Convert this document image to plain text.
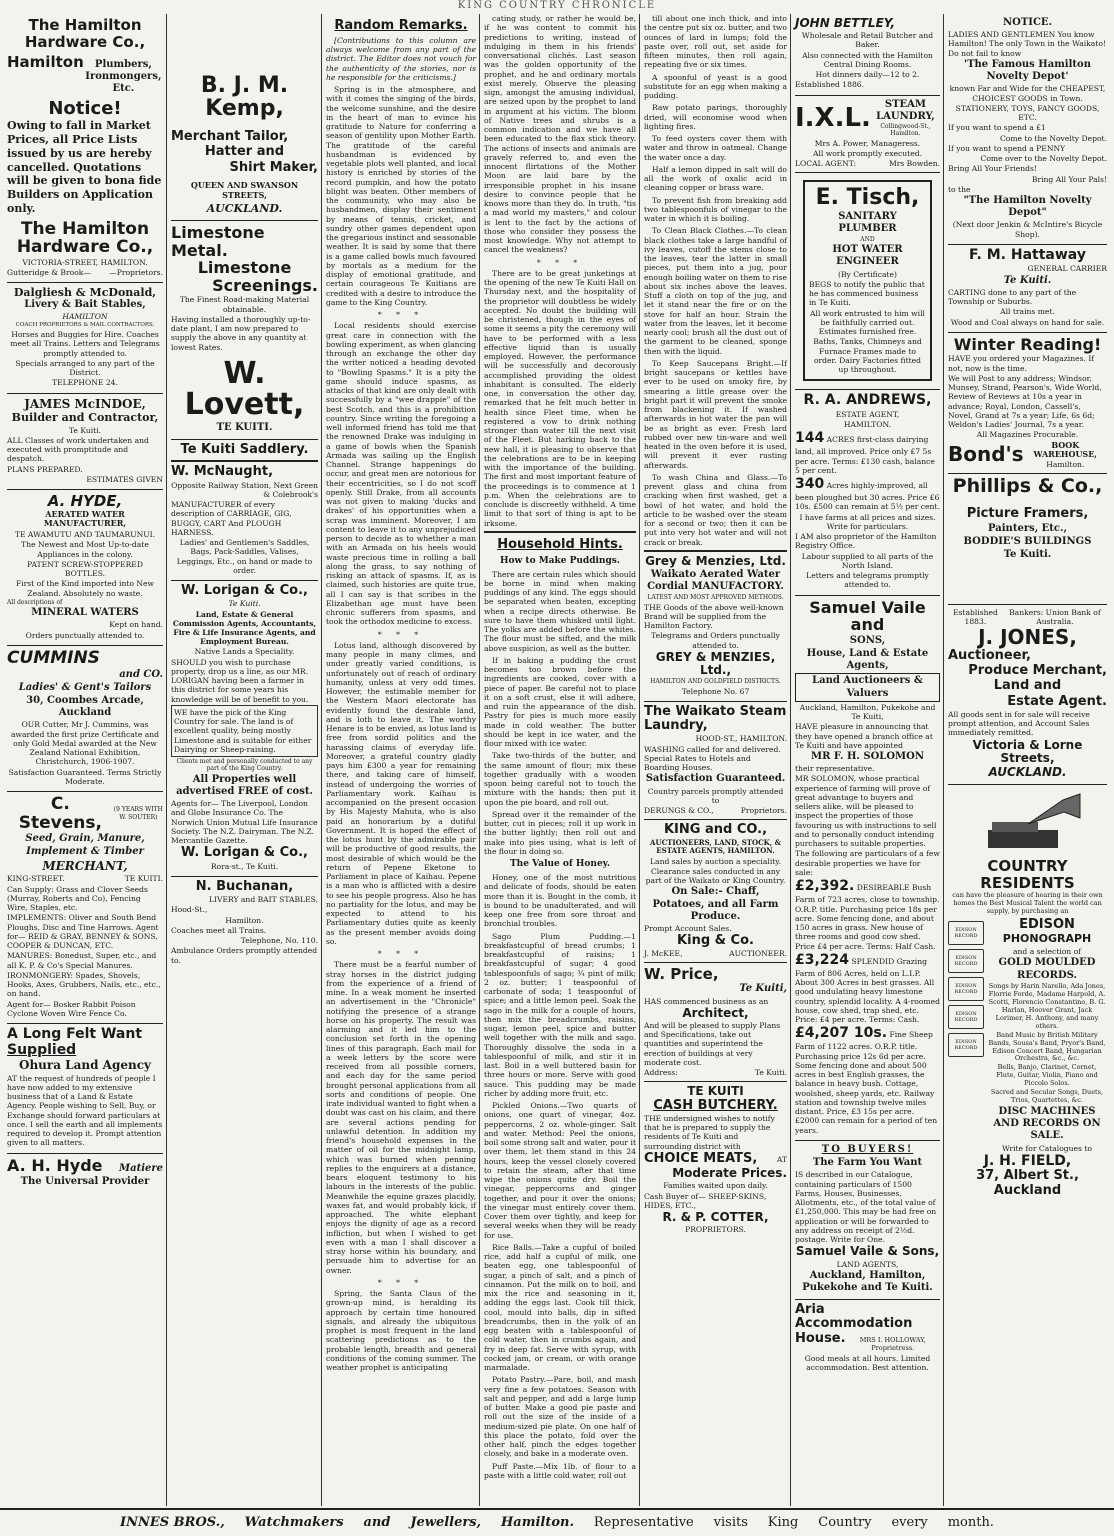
KING COUNTRY CHRONICLE
The Hamilton Hardware Co.,
Hamilton	Plumbers, Ironmongers, Etc.
Notice!

Owing to fall in Market Prices, all Price Lists issued by us are hereby cancelled. Quotations will be given to bona fide Builders on Application only.

The Hamilton Hardware Co.,

VICTORIA-STREET, HAMILTON.

Gutteridge & Brook— —Proprietors.
Dalgliesh & McDonald,
Livery & Bait Stables,

HAMILTON

COACH PROPRIETORS & MAIL CONTRACTORS.

Horses and Buggies for Hire. Coaches meet all Trains. Letters and Telegrams promptly attended to.

Specials arranged to any part of the District.

TELEPHONE 24.

JAMES McINDOE,
Builder and Contractor,

Te Kuiti.

ALL Classes of work undertaken and executed with promptitude and despatch.

PLANS PREPARED.

ESTIMATES GIVEN

A. HYDE,
AERATED WATER MANUFACTURER,

TE AWAMUTU AND TAUMARUNUI.

The Newest and Most Up-to-date Appliances in the colony.

PATENT SCREW-STOPPERED BOTTLES.

First of the Kind imported into New Zealand. Absolutely no waste.

All descriptions of

MINERAL WATERS

Kept on hand.

Orders punctually attended to.

CUMMINS

and CO.

Ladies' & Gent's Tailors

30, Coombes Arcade, Auckland

OUR Cutter, Mr J. Cummins, was awarded the first prize Certificate and only Gold Medal awarded at the New Zealand National Exhibition, Christchurch, 1906-1907.

Satisfaction Guaranteed. Terms Strictly Moderate.

C. Stevens,
(9 YEARS WITH W. SOUTER)

Seed, Grain, Manure, Implement & Timber

MERCHANT,

KING-STREET.	TE KUITI.

Can Supply: Grass and Clover Seeds (Murray, Roberts and Co), Fencing Wire, Staples, etc.

IMPLEMENTS: Oliver and South Bend Ploughs, Disc and Tine Harrows. Agent for— REID & GRAY, BENNEY & SONS, COOPER & DUNCAN, ETC.

MANURES: Bonedust, Super, etc., and all K. P. & Co's Special Manures.

IRONMONGERY: Spades, Shovels, Hooks, Axes, Grubbers, Nails, etc., etc., on hand.

Agent for— Bosker Rabbit Poison Cyclone Woven Wire Fence Co.

A Long Felt Want
Supplied
Ohura Land Agency

AT the request of hundreds of people I have now added to my extensive business that of a Land & Estate Agency. People wishing to Sell, Buy, or Exchange should forward particulars at once. I sell the earth and all implements required to develop it. Prompt attention given to all matters.

A. H. Hyde Matiere

The Universal Provider

B. J. M. Kemp,

Merchant Tailor,

Hatter and

Shirt Maker,

QUEEN AND SWANSON STREETS,

AUCKLAND.

Limestone Metal.
Limestone
Screenings.

The Finest Road-making Material obtainable.

Having installed a thoroughly up-to-date plant, I am now prepared to supply the above in any quantity at lowest Rates.

W. Lovett,

TE KUITI.

Te Kuiti Saddlery.
W. McNaught,

Opposite Railway Station, Next Green & Colebrook's

MANUFACTURER of every description of CARRIAGE, GIG, BUGGY, CART And PLOUGH HARNESS.

Ladies' and Gentlemen's Saddles, Bags, Pack-Saddles, Valises, Leggings, Etc., on hand or made to order.

W. Lorigan & Co.,

Te Kuiti.

Land, Estate & General Commission Agents, Accountants, Fire & Life Insurance Agents, and Employment Bureau.

Native Lands a Speciality.

SHOULD you wish to purchase property, drop us a line, as our MR. LORIGAN having been a farmer in this district for some years his knowledge will be of benefit to you.

WE have the pick of the King Country for sale. The land is of excellent quality, being mostly Limestone and is suitable for either Dairying or Sheep-raising.

Clients met and personally conducted to any part of the King Country.

All Properties well advertised FREE of cost.

Agents for— The Liverpool, London and Globe Insurance Co. The Norwich Union Mutual Life Insurance Society. The N.Z. Dairyman. The N.Z. Mercantile Gazette.

W. Lorigan & Co.,

Rora-st., Te Kuiti.

N. Buchanan,

LIVERY and BAIT STABLES,

Hood-St.,

Hamilton.

Coaches meet all Trains.

Telephone, No. 110.

Ambulance Orders promptly attended to.

Random Remarks.

[Contributions to this column are always welcome from any part of the district. The Editor does not vouch for the authenticity of the stories, nor is he responsible for the criticisms.]

Spring is in the atmosphere, and with it comes the singing of the birds, the welcome sunshine, and the desire in the heart of man to evince his gratitude to Nature for conferring a season of gentility upon Mother Earth. The gratitude of the careful husbandman is evidenced by vegetable plots well planted, and local history is enriched by stories of the record pumpkin, and how the potato blight was beaten. Other members of the community, who may also be husbandmen, display their sentiment by means of tennis, cricket, and sundry other games dependent upon the gregarious instinct and seasonable weather. It is said by some that there is a game called bowls much favoured by mortals as a medium for the display of emotional gratitude, and certain courageous Te Kuitians are credited with a desire to introduce the game to the King Country.

* * *

Local residents should exercise great care in connection with the bowling experiment, as when glancing through an exchange the other day the writer noticed a heading devoted to "Bowling Spasms." It is a pity the game should induce spasms, as attacks of that kind are only dealt with successfully by a "wee drappie" of the best Scotch, and this is a prohibition country. Since writing the foregoing a well informed friend has told me that the renowned Drake was indulging in a game of bowls when the Spanish Armada was sailing up the English Channel. Strange happenings do occur, and great men are notorious for their eccentricities, so I do not scoff openly. Still Drake, from all accounts was not given to making 'ducks and drakes' of his opportunities when a scrap was imminent. Moreover, I am content to leave it to any unprejudiced person to decide as to whether a man with an Armada on his heels would waste precious time in rolling a ball along the grass, to say nothing of risking an attack of spasms. If, as is claimed, such histories are quite true, all I can say is that scribes in the Elizabethan age must have been chronic sufferers from spasms, and took the orthodox medicine to excess.

* * *

Lotus land, although discovered by many people in many climes, and under greatly varied conditions, is unfortunately out of reach of ordinary humanity, unless at very odd times. However, the estimable member for the Western Maori electorate has evidently found the desirable land, and is loth to leave it. The worthy Henare is to be envied, as lotus land is free from sordid politics and the harassing claims of everyday life. Moreover, a grateful country gladly pays him £300 a year for remaining there, and taking care of himself, instead of undergoing the worries of Parliamentary work. Kaihau is accompanied on the present occasion by His Majesty Mahuta, who is also paid an honorarium by a dutiful Government. It is hoped the effect of the lotus hunt by the admirable pair will be productive of good results, the most desirable of which would be the return of Pepene Eketone to Parliament in place of Kaihau. Pepene is a man who is afflicted with a desire to see his people progress. Also he has no partiality for the lotus, and may be expected to attend to his Parliamentary duties quite as keenly as the present member avoids doing so.

* * *

There must be a fearful number of stray horses in the district judging from the experience of a friend of mine. In a weak moment he inserted an advertisement in the "Chronicle" notifying the presence of a strange horse on his property. The result was alarming and it led him to the conclusion set forth in the opening lines of this paragraph. Each mail for a week letters by the score were received from all possible corners, and each day for the same period brought personal applications from all sorts and conditions of people. One irate individual wanted to fight when a doubt was cast on his claim, and there are several actions pending for unlawful detention. In addition my friend's household expenses in the matter of oil for the midnight lamp, which was burned when penning replies to the enquirers at a distance, bears eloquent testimony to his labours in the interests of the public. Meanwhile the equine grazes placidly, waxes fat, and would probably kick, if approached. The white elephant enjoys the dignity of age as a record infliction, but when I wished to get even with a man I shall discover a stray horse within his boundary, and persuade him to advertise for an owner.

* * *

Spring, the Santa Claus of the grown-up mind, is heralding its approach by certain time honoured signals, and already the ubiquitous prophet is most frequent in the land scattering predictions as to the probable length, breadth and general conditions of the coming summer. The weather prophet is anticipating

cating study, or rather he would be, if he was content to commit his predictions to writing, instead of indulging in them in his friends' conversational clichés. Last season was the golden opportunity of the prophet, and he and ordinary mortals exist merely. Observe the pleasing sign, amongst the amusing individual, are seized upon by the prophet to land in argument at his victim. The bloom of Native trees and shrubs is a common indication and we have all been educated to the flax stick theory. The actions of insects and animals are gravely referred to, and even the innocent flirtations of the Mother Moon are laid bare by the irresponsible prophet in his insane desire to convince people that he knows more than they do. In truth, "tis a mad world my masters," and colour is lent to the fact by the actions of those who consider they possess the most knowledge. Why not attempt to cancel the weakness?

* * *

There are to be great junketings at the opening of the new Te Kuiti Hall on Thursday next, and the hospitality of the proprietor will doubtless be widely accepted. No doubt the building will be christened, though in the eyes of some it seems a pity the ceremony will have to be performed with a less effective liquid than is usually employed. However, the performance will be successfully and decorously accomplished providing the oldest inhabitant is consulted. The elderly one, in conversation the other day, remarked that he felt much better in health since Fleet time, when he registered a vow to drink nothing stronger than water till the next visit of the Fleet. But harking back to the new hall, it is pleasing to observe that the celebrations are to be in keeping with the importance of the building. The first and most important feature of the proceedings is to commence at 1 p.m. When the celebrations are to conclude is discreetly withheld. A time limit to that sort of thing is apt to be irksome.

Household Hints.
How to Make Puddings.

There are certain rules which should be borne in mind when making puddings of any kind. The eggs should be separated when beaten, excepting when a recipe directs otherwise. Be sure to have them whisked until light. The yolks are added before the whites. The flour must be sifted, and the milk above suspicion, as well as the butter.

If in baking a pudding the crust becomes too brown before the ingredients are cooked, cover with a piece of paper. Be careful not to place it on a soft crust, else it will adhere, and ruin the appearance of the dish. Pastry for pies is much more easily made in cold weather. The butter should be kept in ice water, and the flour mixed with ice water.

Take two-thirds of the butter, and the same amount of flour; mix these together gradually with a wooden spoon being careful not to touch the mixture with the hands; then put it upon the pie board, and roll out.

Spread over it the remainder of the butter, cut in pieces; roll it up work in the butter lightly; then roll out and make into pies using, what is left of the flour in doing so.

The Value of Honey.

Honey, one of the most nutritious and delicate of foods, should be eaten more than it is. Bought in the comb, it is bound to be unadulterated, and will keep one free from sore throat and bronchial troubles.

Sago Plum Pudding.—1 breakfastcupful of bread crumbs; 1 breakfastcupful of raisins; 1 breakfastcupful of sugar; 4 good tablespoonfuls of sago; ¾ pint of milk; 2 oz. butter; 1 teaspoonful of carbonate of soda; 1 teaspoonful of spice; and a little lemon peel. Soak the sago in the milk for a couple of hours, then mix the breadcrumbs, raisins, sugar, lemon peel, spice and butter well together with the milk and sago. Thoroughly dissolve the soda in a tablespoonful of milk, and stir it in last. Boil in a well buttered basin for three hours or more. Serve with good sauce. This pudding may be made richer by adding more fruit, etc.

Pickled Onions.—Two quarts of onions, one quart of vinegar, 4oz. peppercorns, 2 oz. whole-ginger. Salt and water. Method: Peel the onions, boil some strong salt and water, pour it over them, let them stand in this 24 hours, keep the vessel closely covered to retain the steam, after that time wipe the onions quite dry. Boil the vinegar, peppercorns and ginger together, and pour it over the onions; the vinegar must entirely cover them. Cover them over tightly, and keep for several weeks when they will be ready for use.

Rice Balls.—Take a cupful of boiled rice, add half a cupful of milk, one beaten egg, one tablespoonful of sugar, a pinch of salt, and a pinch of cinnamon. Put the milk on to boil, and mix the rice and seasoning in it, adding the eggs last. Cook till thick, cool, mould into balls, dip in sifted breadcrumbs, then in the yolk of an egg beaten with a tablespoonful of cold water, then in crumbs again, and fry in deep fat. Serve with syrup, with cocked jam, or cream, or with orange marmalade.

Potato Pastry.—Pare, boil, and mash very fine a few potatoes. Season with salt and pepper, and add a large lump of butter. Make a good pie paste and roll out the size of the inside of a medium-sized pie plate. On one half of this place the potato, fold over the other half, pinch the edges together closely, and bake in a moderate oven.

Puff Paste.—Mix 1lb. of flour to a paste with a little cold water, roll out

till about one inch thick, and into the centre put six oz. butter, and two ounces of lard in lumps; fold the paste over, roll out, set aside for fifteen minutes, then roll again, repeating five or six times.

A spoonful of yeast is a good substitute for an egg when making a pudding.

Raw potato parings, thoroughly dried, will economise wood when lighting fires.

To feed oysters cover them with water and throw in oatmeal. Change the water once a day.

Half a lemon dipped in salt will do all the work of oxalic acid in cleaning copper or brass ware.

To prevent fish from breaking add two tablespoonfuls of vinegar to the water in which it is boiling.

To Clean Black Clothes.—To clean black clothes take a large handful of ivy leaves, cutoff the stems close to the leaves, tear the latter in small pieces, put them into a jug, pour enough boiling water on them to rise about six inches above the leaves. Stuff a cloth on top of the jug, and let it stand near the fire or on the stove for half an hour. Strain the water from the leaves, let it become nearly cool; brush all the dust out of the garment to be cleaned, sponge then with the liquid.

To Keep Saucepans Bright.—If bright saucepans or kettles have ever to be used on smoky fire, by smearing a little grease over the bright part it will prevent the smoke from blackening it. If washed afterwards in hot water the pan will be as bright as ever. Fresh lard rubbed over new tin-ware and well heated in the oven before it is used, will prevent it ever rusting afterwards.

To wash China and Glass.—To prevent glass and china from cracking when first washed, get a bowl of hot water, and hold the article to be washed over the steam for a second or two; then it can be put into very hot water and will not crack or break.

Grey & Menzies, Ltd.

Waikato Aerated Water Cordial MANUFACTORY.

LATEST AND MOST APPROVED METHODS.

THE Goods of the above well-known Brand will be supplied from the Hamilton Factory.

Telegrams and Orders punctually attended to.

GREY & MENZIES, Ltd.,

HAMILTON AND GOLDFIELD DISTRICTS.

Telephone No. 67

The Waikato Steam Laundry,

HOOD-ST., HAMILTON.

WASHING called for and delivered. Special Rates to Hotels and Boarding Houses.

Satisfaction Guaranteed.

Country parcels promptly attended to

DERUNGS & CO.,	Proprietors.
KING and CO.,

AUCTIONEERS, LAND, STOCK, & ESTATE AGENTS, HAMILTON.

Land sales by auction a speciality.

Clearance sales conducted in any part of the Waikato or King Country.

On Sale:- Chaff, Potatoes, and all Farm Produce.

Prompt Account Sales.

King & Co.
J. McKEE,	AUCTIONEER.
W. Price,

Te Kuiti,

HAS commenced business as an

Architect,

And will be pleased to supply Plans and Specifications, take out quantities and superintend the erection of buildings at very moderate cost.

Address:	Te Kuiti.
TE KUITI
CASH BUTCHERY.

THE undersigned wishes to notify that he is prepared to supply the residents of Te Kuiti and surrounding district with

CHOICE MEATS,	AT

Moderate Prices.

Families waited upon daily.

Cash Buyer of— SHEEP-SKINS, HIDES, ETC.,

R. & P. COTTER,

PROPRIETORS.

JOHN BETTLEY,

Wholesale and Retail Butcher and Baker.

Also connected with the Hamilton Central Dining Rooms.

Hot dinners daily—12 to 2.

Established 1886.

I.X.L.	STEAM LAUNDRY,
Collingwood-St., Hamilton.

Mrs A. Power, Manageress.

All work promptly executed.

LOCAL AGENT:	Mrs Bowden.
E. Tisch,

SANITARY PLUMBER

AND

HOT WATER ENGINEER

(By Certificate)

BEGS to notify the public that he has commenced business in Te Kuiti.

All work entrusted to him will be faithfully carried out. Estimates furnished free.

Baths, Tanks, Chimneys and Furnace Frames made to order. Dairy Factories fitted up throughout.

R. A. ANDREWS,

ESTATE AGENT,

HAMILTON.

144 ACRES first-class dairying land, all improved. Price only £7 5s per acre. Terms: £130 cash, balance 5 per cent.

340 Acres highly-improved, all been ploughed but 30 acres. Price £6 10s. £500 can remain at 5½ per cent.

I have farms at all prices and sizes. Write for particulars.

I AM also proprietor of the Hamilton Registry Office.

Labour supplied to all parts of the North Island.

Letters and telegrams promptly attended to.

Samuel Vaile and

SONS,

House, Land & Estate Agents,

Land Auctioneers & Valuers

Auckland, Hamilton, Pukekohe and Te Kuiti,

HAVE pleasure in announcing that they have opened a branch office at Te Kuiti and have appointed

MR F. H. SOLOMON

their representative.

MR SOLOMON, whose practical experience of farming will prove of great advantage to buyers and sellers alike, will be pleased to inspect the properties of those favouring us with instructions to sell and to personally conduct intending purchasers to suitable properties.

The following are particulars of a few desirable properties we have for sale:

£2,392. DESIREABLE Bush Farm of 723 acres, close to township. O.R.P. title. Purchasing price 18s per acre. Some fencing done, and about 150 acres in grass. New house of three rooms and good cow shed. Price £4 per acre. Terms: Half Cash.

£3,224 SPLENDID Grazing Farm of 806 Acres, held on L.I.P. About 300 Acres in best grasses. All good undulating heavy limestone country, splendid locality. A 4-roomed house, cow shed, trap shed, etc. Price: £4 per acre. Terms: Cash.

£4,207 10s. Fine Sheep Farm of 1122 acres. O.R.P. title. Purchasing price 12s 6d per acre. Some fencing done and about 500 acres in best English grasses, the balance in heavy bush. Cottage, woolshed, sheep yards, etc. Railway station and township twelve miles distant. Price, £3 15s per acre. £2000 can remain for a period of ten years.

TO BUYERS!

The Farm You Want

IS described in our Catalogue, containing particulars of 1500 Farms, Houses, Businesses, Allotments, etc., of the total value of £1,250,000. This may be had free on application or will be forwarded to any address on receipt of 2½d. postage. Write for One.

Samuel Vaile & Sons,

LAND AGENTS,

Auckland, Hamilton, Pukekohe and Te Kuiti.

Aria Accommodation
House.	MRS I. HOLLOWAY, Proprietress.

Good meals at all hours. Limited accommodation. Best attention.

NOTICE.

LADIES AND GENTLEMEN You know Hamilton! The only Town in the Waikato! Do not fail to know

'The Famous Hamilton Novelty Depot'

known Far and Wide for the CHEAPEST, CHOICEST GOODS in Town.

STATIONERY, TOYS, FANCY GOODS, ETC.

If you want to spend a £1

Come to the Novelty Depot.

If you want to spend a PENNY

Come over to the Novelty Depot.

Bring All Your Friends!

Bring All Your Pals!

to the

"The Hamilton Novelty Depot"

(Next door Jenkin & McIntire's Bicycle Shop).

F. M. Hattaway

GENERAL CARRIER

Te Kuiti.

CARTING done to any part of the Township or Suburbs.

All trains met.

Wood and Coal always on hand for sale.

Winter Reading!

HAVE you ordered your Magazines. If not, now is the time.

We will Post to any address; Windsor, Munsey, Strand, Pearson's, Wide World, Review of Reviews at 10s a year in advance; Royal, London, Cassell's, Novel, Grand at 7s a year; Life, 6s 6d; Weldon's Ladies' Journal, 7s a year.

All Magazines Procurable.

Bond's	BOOK WAREHOUSE,
Hamilton.
Phillips & Co.,

Picture Framers,

Painters, Etc.,

BODDIE'S BUILDINGS

Te Kuiti.

Established 1883.
Bankers: Union Bank of Australia.
J. JONES,

Auctioneer,

Produce Merchant,

Land and

Estate Agent.

All goods sent in for sale will receive prompt attention, and Account Sales immediately remitted.

Victoria & Lorne Streets,

AUCKLAND.

COUNTRY RESIDENTS

can have the pleasure of hearing in their own homes the Best Musical Talent the world can supply, by purchasing an

EDISON RECORD
EDISON RECORD
EDISON RECORD
EDISON RECORD
EDISON RECORD

EDISON

PHONOGRAPH

and a selection of

GOLD MOULDED

RECORDS.

Songs by Harin Narello, Ada Jones, Florrie Forde, Madame Harpold, A. Scotti, Florencio Constantino, B. G. Harlan, Hoover Grant, Jack Lorimer, H. Anthony, and many others.

Band Music by British Military Bands, Sousa's Band, Pryor's Band, Edison Concert Band, Hungarian Orchestra, &c., &c.

Bells, Banjo, Clarinet, Cornet, Flute, Guitar, Violin, Piano and Piccolo Solos.

Sacred and Secular Songs, Duets, Trios, Quartettes, &c.

DISC MACHINES AND RECORDS ON SALE.

Write for Catalogues to

J. H. FIELD,
37, Albert St., Auckland
INNES BROS., Watchmakers and Jewellers, Hamilton. Representative visits King Country every month.
